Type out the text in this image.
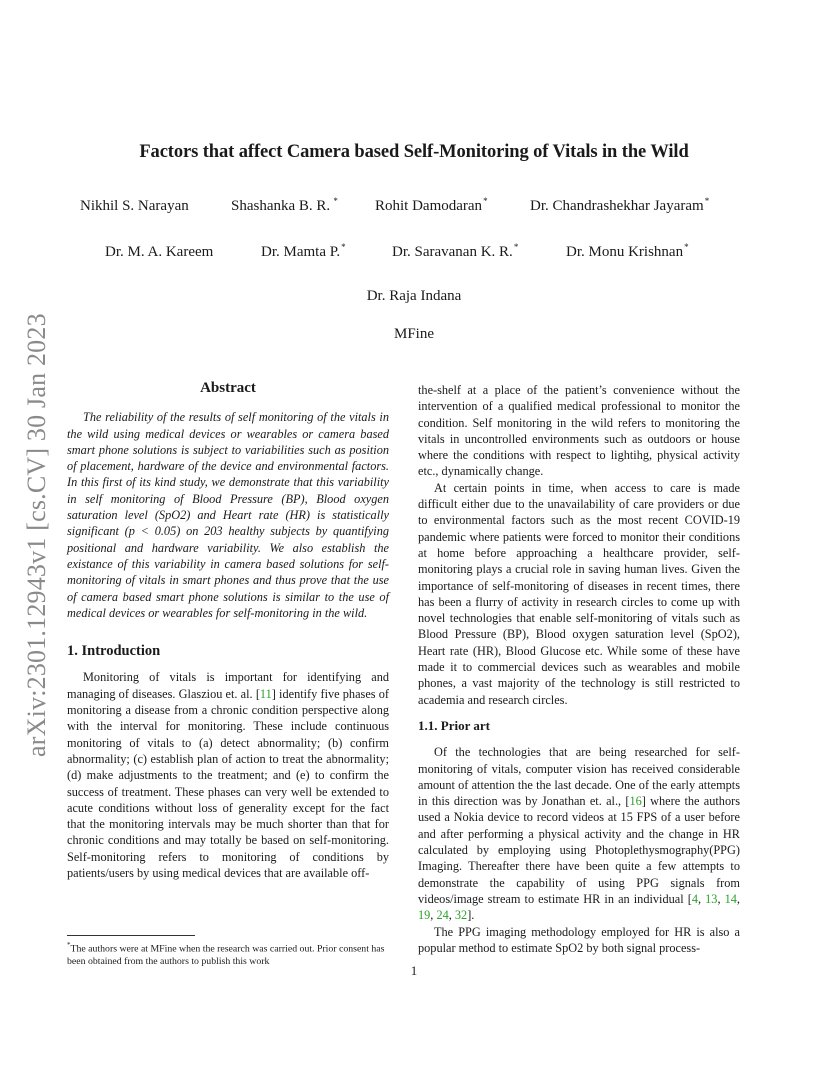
arXiv:2301.12943v1 [cs.CV] 30 Jan 2023
Factors that affect Camera based Self-Monitoring of Vitals in the Wild
Nikhil S. Narayan	Shashanka B. R. * Rohit Damodaran*	Dr. Chandrashekhar Jayaram*
Dr. M. A. Kareem	Dr. Mamta P.*	Dr. Saravanan K. R.*	Dr. Monu Krishnan*
Dr. Raja Indana
MFine
Abstract

The reliability of the results of self monitoring of the vitals in the wild using medical devices or wearables or camera based smart phone solutions is subject to variabilities such as position of placement, hardware of the device and environmental factors. In this first of its kind study, we demonstrate that this variability in self monitoring of Blood Pressure (BP), Blood oxygen saturation level (SpO2) and Heart rate (HR) is statistically significant (p < 0.05) on 203 healthy subjects by quantifying positional and hardware variability. We also establish the existance of this variability in camera based solutions for self-monitoring of vitals in smart phones and thus prove that the use of camera based smart phone solutions is similar to the use of medical devices or wearables for self-monitoring in the wild.

1. Introduction

Monitoring of vitals is important for identifying and managing of diseases. Glasziou et. al. [11] identify five phases of monitoring a disease from a chronic condition perspective along with the interval for monitoring. These include continuous monitoring of vitals to (a) detect abnormality; (b) confirm abnormality; (c) establish plan of action to treat the abnormality; (d) make adjustments to the treatment; and (e) to confirm the success of treatment. These phases can very well be extended to acute conditions without loss of generality except for the fact that the monitoring intervals may be much shorter than that for chronic conditions and may totally be based on self-monitoring. Self-monitoring refers to monitoring of conditions by patients/users by using medical devices that are available off-

the-shelf at a place of the patient’s convenience without the intervention of a qualified medical professional to monitor the condition. Self monitoring in the wild refers to monitoring the vitals in uncontrolled environments such as outdoors or house where the conditions with respect to lightihg, physical activity etc., dynamically change.

At certain points in time, when access to care is made difficult either due to the unavailability of care providers or due to environmental factors such as the most recent COVID-19 pandemic where patients were forced to monitor their conditions at home before approaching a healthcare provider, self-monitoring plays a crucial role in saving human lives. Given the importance of self-monitoring of diseases in recent times, there has been a flurry of activity in research circles to come up with novel technologies that enable self-monitoring of vitals such as Blood Pressure (BP), Blood oxygen saturation level (SpO2), Heart rate (HR), Blood Glucose etc. While some of these have made it to commercial devices such as wearables and mobile phones, a vast majority of the technology is still restricted to academia and research circles.

1.1. Prior art

Of the technologies that are being researched for self-monitoring of vitals, computer vision has received considerable amount of attention the the last decade. One of the early attempts in this direction was by Jonathan et. al., [16] where the authors used a Nokia device to record videos at 15 FPS of a user before and after performing a physical activity and the change in HR calculated by employing using Photoplethysmography(PPG) Imaging. Thereafter there have been quite a few attempts to demonstrate the capability of using PPG signals from videos/image stream to estimate HR in an individual [4, 13, 14, 19, 24, 32].

The PPG imaging methodology employed for HR is also a popular method to estimate SpO2 by both signal process-

*The authors were at MFine when the research was carried out. Prior consent has been obtained from the authors to publish this work
1
